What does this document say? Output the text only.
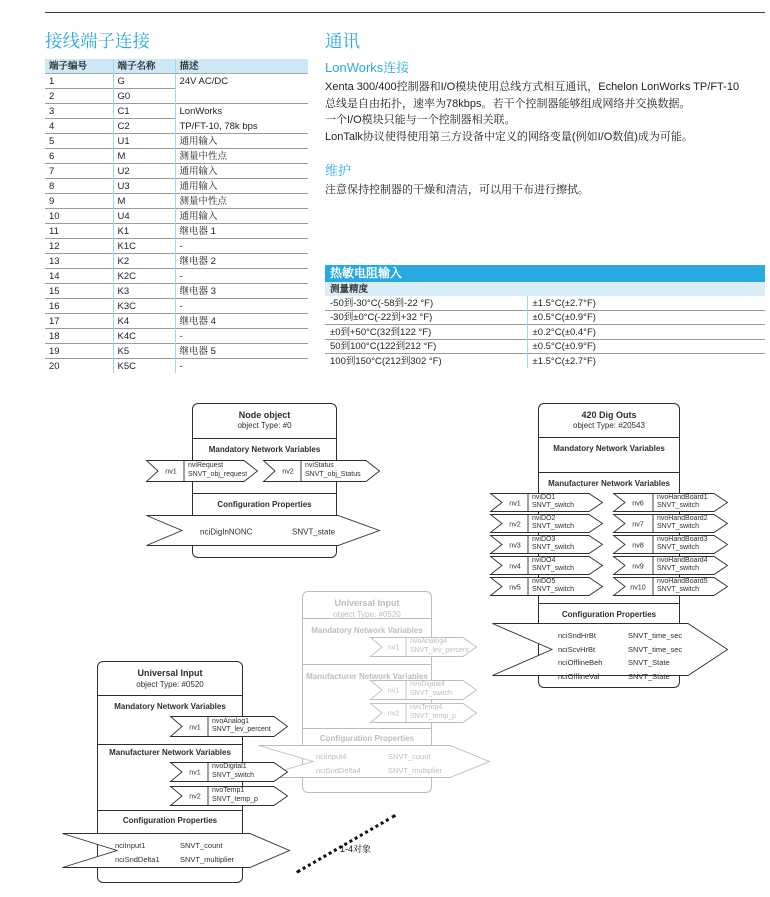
接线端子连接
端子编号	端子名称	描述
1	G	24V AC/DC
2	G0	
3	C1	LonWorks
4	C2	TP/FT-10, 78k bps
5	U1	通用输入
6	M	测量中性点
7	U2	通用输入
8	U3	通用输入
9	M	测量中性点
10	U4	通用输入
11	K1	继电器 1
12	K1C	-
13	K2	继电器 2
14	K2C	-
15	K3	继电器 3
16	K3C	-
17	K4	继电器 4
18	K4C	-
19	K5	继电器 5
20	K5C	-
通讯
LonWorks连接
Xenta 300/400控制器和I/O模块使用总线方式相互通讯，Echelon LonWorks TP/FT-10
总线是自由拓扑，速率为78kbps。若干个控制器能够组成网络并交换数据。
一个I/O模块只能与一个控制器相关联。
LonTalk协议使得使用第三方设备中定义的网络变量(例如I/O数值)成为可能。
维护
注意保持控制器的干燥和清洁，可以用干布进行擦拭。
热敏电阻输入
测量精度
-50到-30°C(-58到-22 °F)	±1.5°C(±2.7°F)
-30到±0°C(-22到+32 °F)	±0.5°C(±0.9°F)
±0到+50°C(32到122 °F)	±0.2°C(±0.4°F)
50到100°C(122到212 °F)	±0.5°C(±0.9°F)
100到150°C(212到302 °F)	±1.5°C(±2.7°F)
Node object
object Type: #0
Mandatory Network Variables
nv1
nviRequest
SNVT_obj_request	nv2
nviStatus
SNVT_obj_Status
Configuration Properties
nciDigInNONC	SNVT_state
420 Dig Outs
object Type: #20543
Mandatory Network Variables
Manufacturer Network Variables
nv1
nviDO1
SNVT_switch
nv2
nviDO2
SNVT_switch
nv3
nviDO3
SNVT_switch
nv4
nviDO4
SNVT_switch
nv5
nviDO5
SNVT_switch
nv6
nvoHandBoard1
SNVT_switch
nv7
nvoHandBoard2
SNVT_switch
nv8
nvoHandBoard3
SNVT_switch
nv9
nvoHandBoard4
SNVT_switch
nv10
nvoHandBoard5
SNVT_switch
Configuration Properties
nciSndHrBt	SNVT_time_sec
nciScvHrBt	SNVT_time_sec
nciOfflineBeh	SNVT_State
nciOfflineVal	SNVT_State
Universal Input
object Type: #0520
Mandatory Network Variables
nv1
nvoAnalog4
SNVT_lev_percent
Manufacturer Network Variables
nv1
nvoDigital4
SNVT_switch
nv2
nvoTemp4
SNVT_temp_p
Configuration Properties
nciInput4	SNVT_count
nciSndDelta4	SNVT_multiplier
Universal Input
object Type: #0520
Mandatory Network Variables
nv1
nvoAnalog1
SNVT_lev_percent
Manufacturer Network Variables
nv1
nvoDigital1
SNVT_switch
nv2
nvoTemp1
SNVT_temp_p
Configuration Properties
nciInput1	SNVT_count
nciSndDelta1	SNVT_multiplier
1-4对象
